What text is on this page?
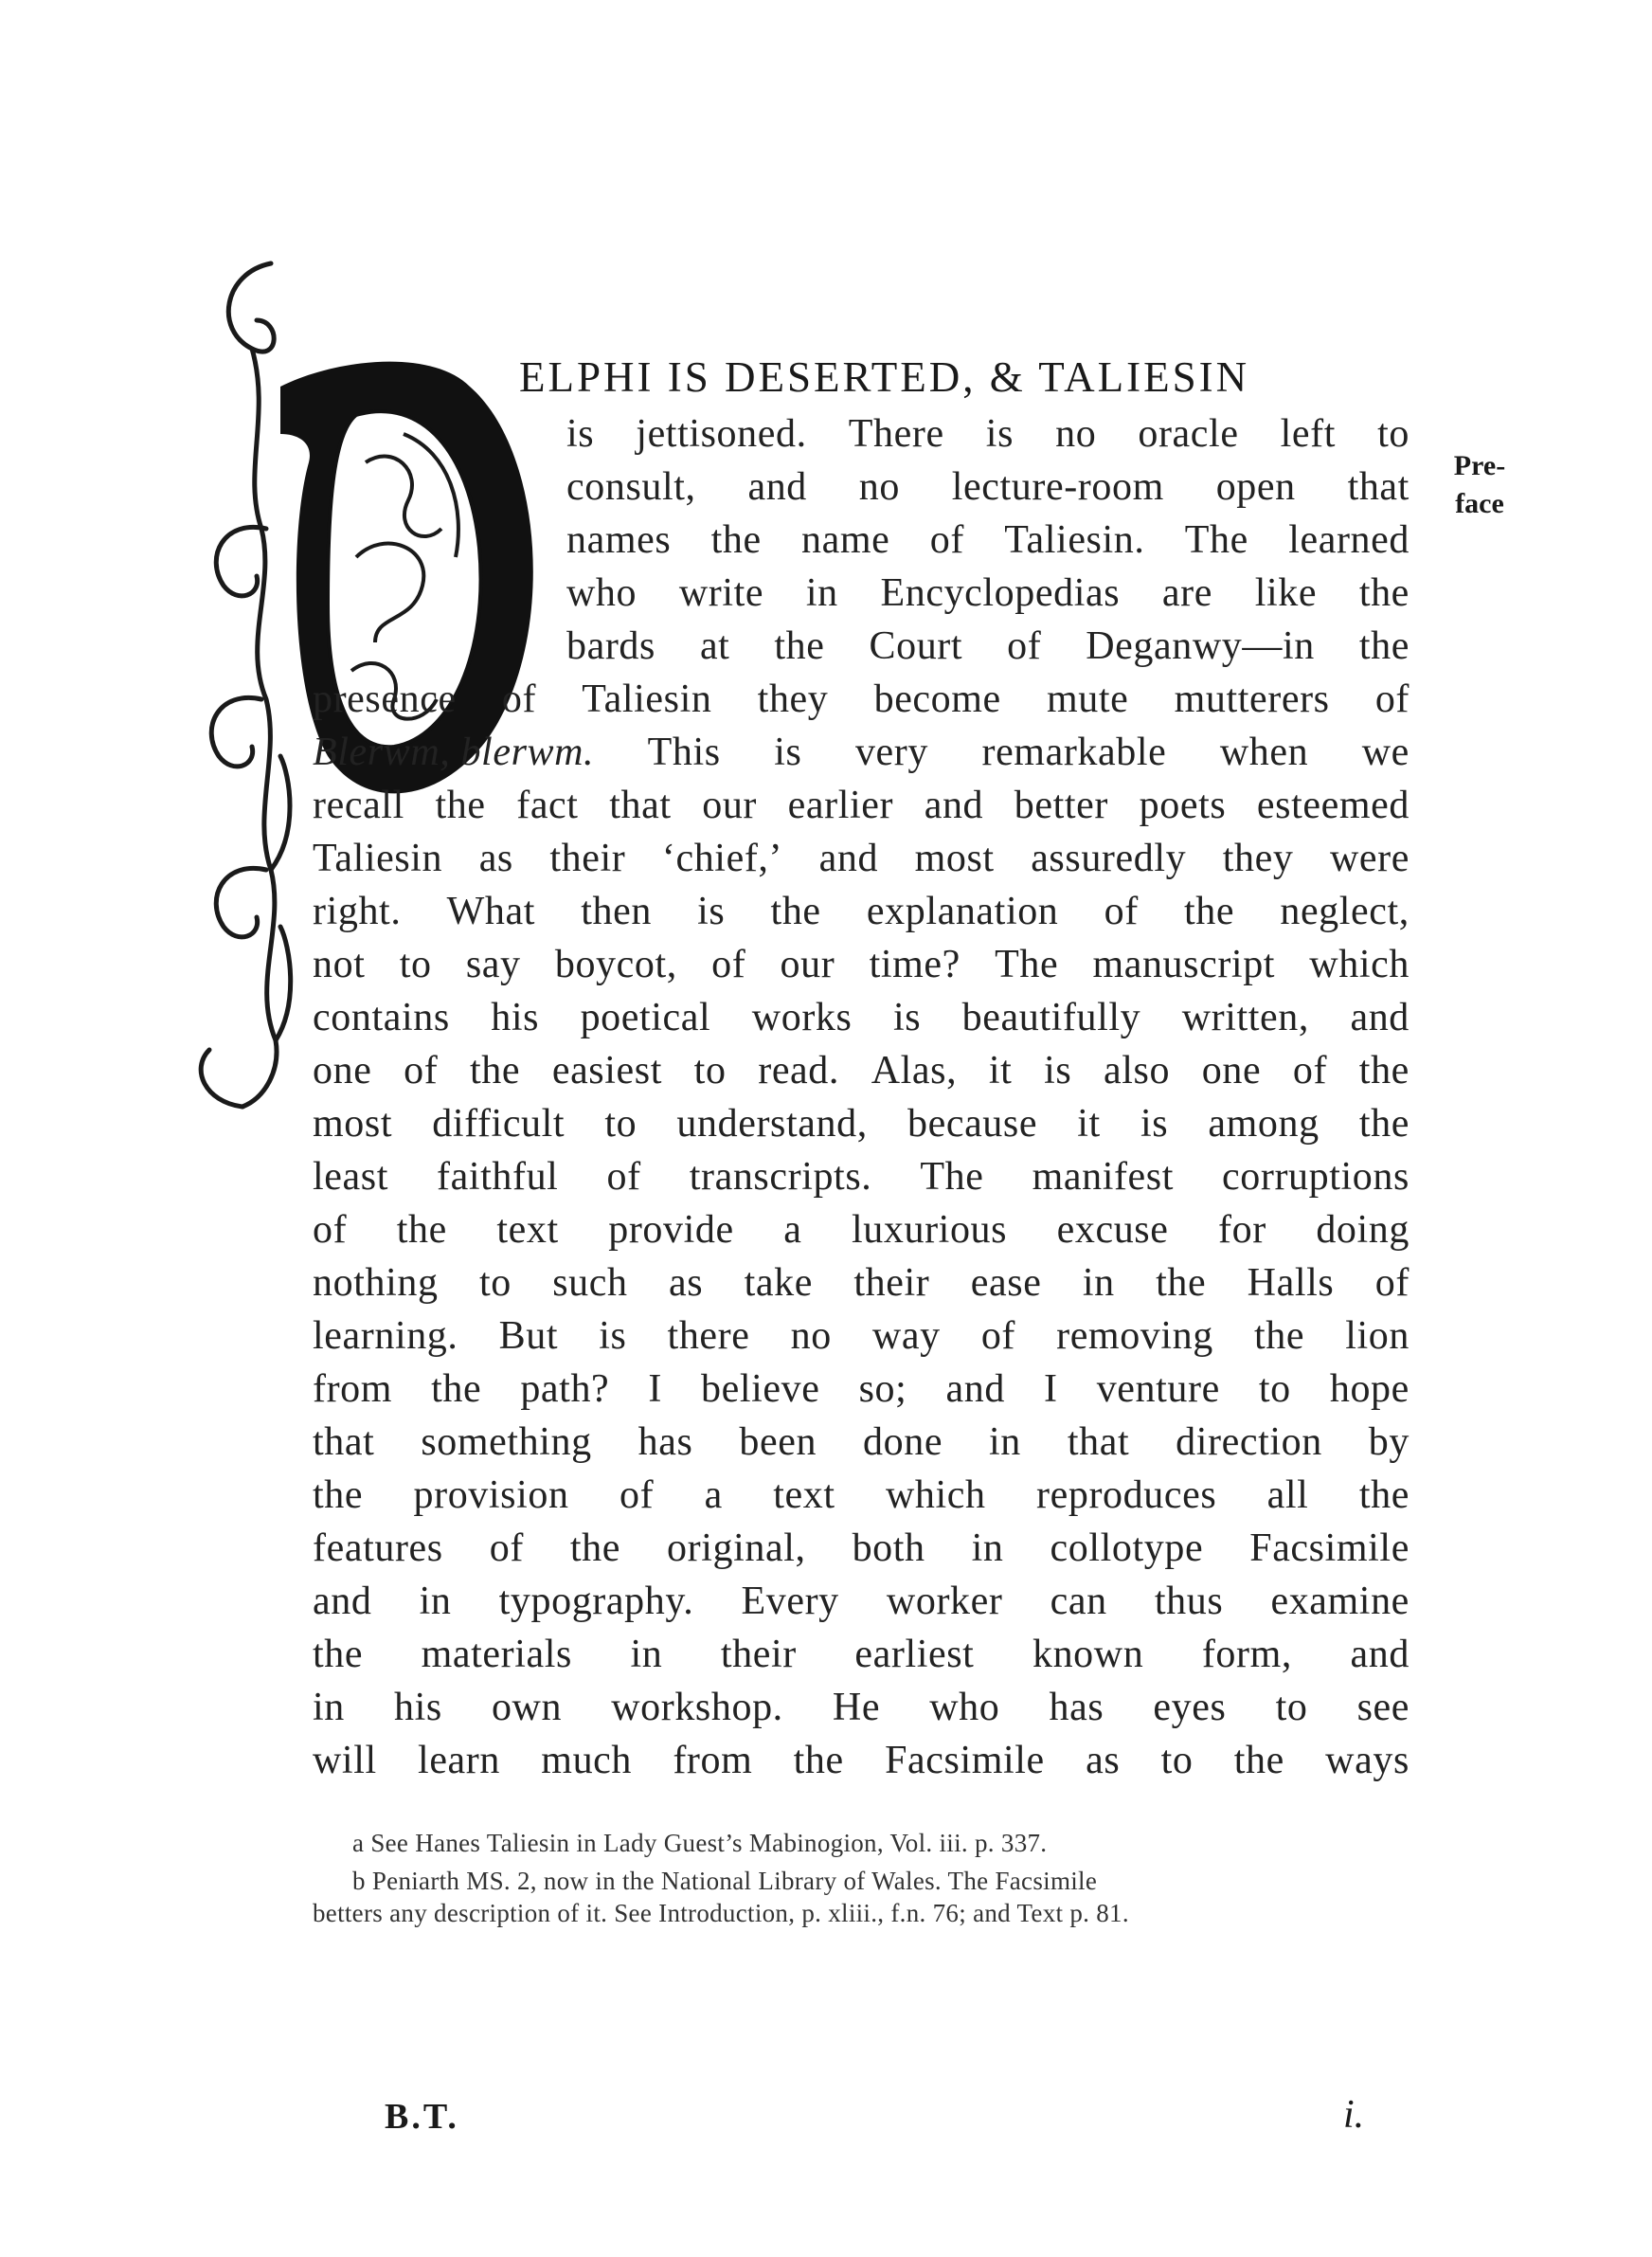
ELPHI IS DESERTED, & TALIESIN
Pre-
face
is jettisoned. There is no oracle left to
consult, and no lecture-room open that
names the name of Taliesin. The learned
who write in Encyclopedias are like the
bards at the Court of Deganwy—in the
presence of Taliesin they become mute mutterers of
Blerwm, blerwm. This is very remarkable when we
recall the fact that our earlier and better poets esteemed
Taliesin as their ‘chief,’ and most assuredly they were
right. What then is the explanation of the neglect,
not to say boycot, of our time? The manuscript which
contains his poetical works is beautifully written, and
one of the easiest to read. Alas, it is also one of the
most difficult to understand, because it is among the
least faithful of transcripts. The manifest corruptions
of the text provide a luxurious excuse for doing
nothing to such as take their ease in the Halls of
learning. But is there no way of removing the lion
from the path? I believe so; and I venture to hope
that something has been done in that direction by
the provision of a text which reproduces all the
features of the original, both in collotype Facsimile
and in typography. Every worker can thus examine
the materials in their earliest known form, and
in his own workshop. He who has eyes to see
will learn much from the Facsimile as to the ways
a See Hanes Taliesin in Lady Guest’s Mabinogion, Vol. iii. p. 337.
b Peniarth MS. 2, now in the National Library of Wales. The Facsimile
betters any description of it. See Introduction, p. xliii., f.n. 76; and Text p. 81.
B.T.	i.
